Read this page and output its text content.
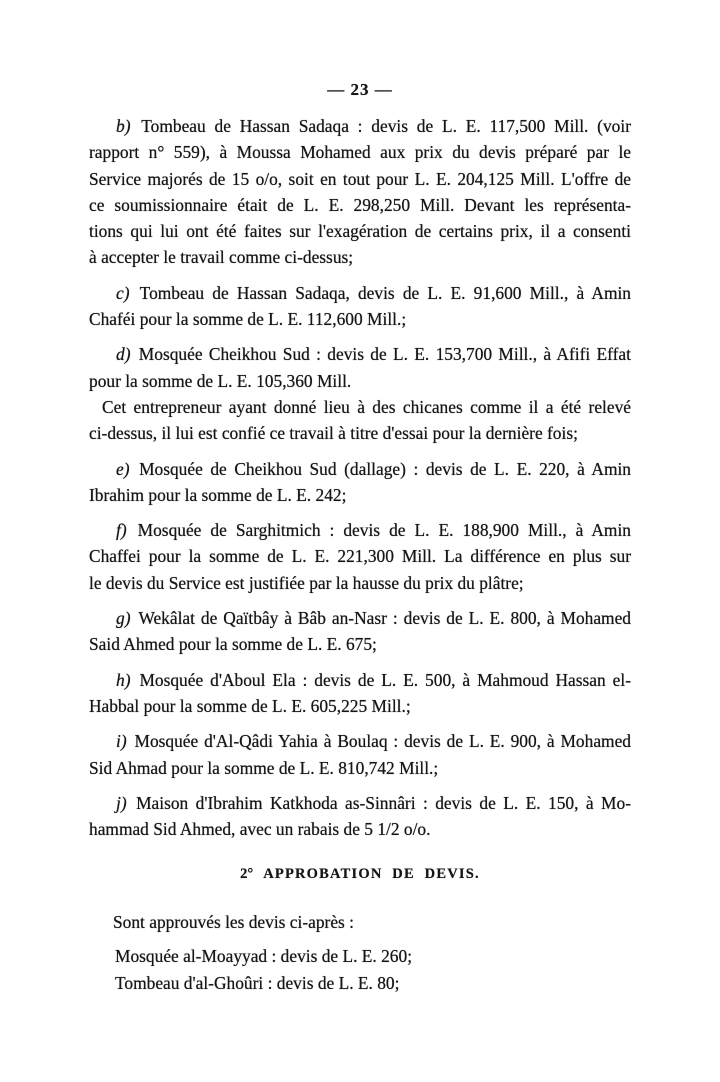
— 23 —
b) Tombeau de Hassan Sadaqa : devis de L. E. 117,500 Mill. (voir
rapport n° 559), à Moussa Mohamed aux prix du devis préparé par le
Service majorés de 15 o/o, soit en tout pour L. E. 204,125 Mill. L'offre de
ce soumissionnaire était de L. E. 298,250 Mill. Devant les représenta-
tions qui lui ont été faites sur l'exagération de certains prix, il a consenti
à accepter le travail comme ci-dessus;
c) Tombeau de Hassan Sadaqa, devis de L. E. 91,600 Mill., à Amin
Chaféi pour la somme de L. E. 112,600 Mill.;
d) Mosquée Cheikhou Sud : devis de L. E. 153,700 Mill., à Afifi Effat
pour la somme de L. E. 105,360 Mill.
Cet entrepreneur ayant donné lieu à des chicanes comme il a été relevé
ci-dessus, il lui est confié ce travail à titre d'essai pour la dernière fois;
e) Mosquée de Cheikhou Sud (dallage) : devis de L. E. 220, à Amin
Ibrahim pour la somme de L. E. 242;
f) Mosquée de Sarghitmich : devis de L. E. 188,900 Mill., à Amin
Chaffei pour la somme de L. E. 221,300 Mill. La différence en plus sur
le devis du Service est justifiée par la hausse du prix du plâtre;
g) Wekâlat de Qaïtbây à Bâb an-Nasr : devis de L. E. 800, à Mohamed
Said Ahmed pour la somme de L. E. 675;
h) Mosquée d'Aboul Ela : devis de L. E. 500, à Mahmoud Hassan el-
Habbal pour la somme de L. E. 605,225 Mill.;
i) Mosquée d'Al-Qâdi Yahia à Boulaq : devis de L. E. 900, à Mohamed
Sid Ahmad pour la somme de L. E. 810,742 Mill.;
j) Maison d'Ibrahim Katkhoda as-Sinnâri : devis de L. E. 150, à Mo-
hammad Sid Ahmed, avec un rabais de 5 1/2 o/o.
2° APPROBATION DE DEVIS.
Sont approuvés les devis ci-après :
Mosquée al-Moayyad : devis de L. E. 260;
Tombeau d'al-Ghoûri : devis de L. E. 80;
